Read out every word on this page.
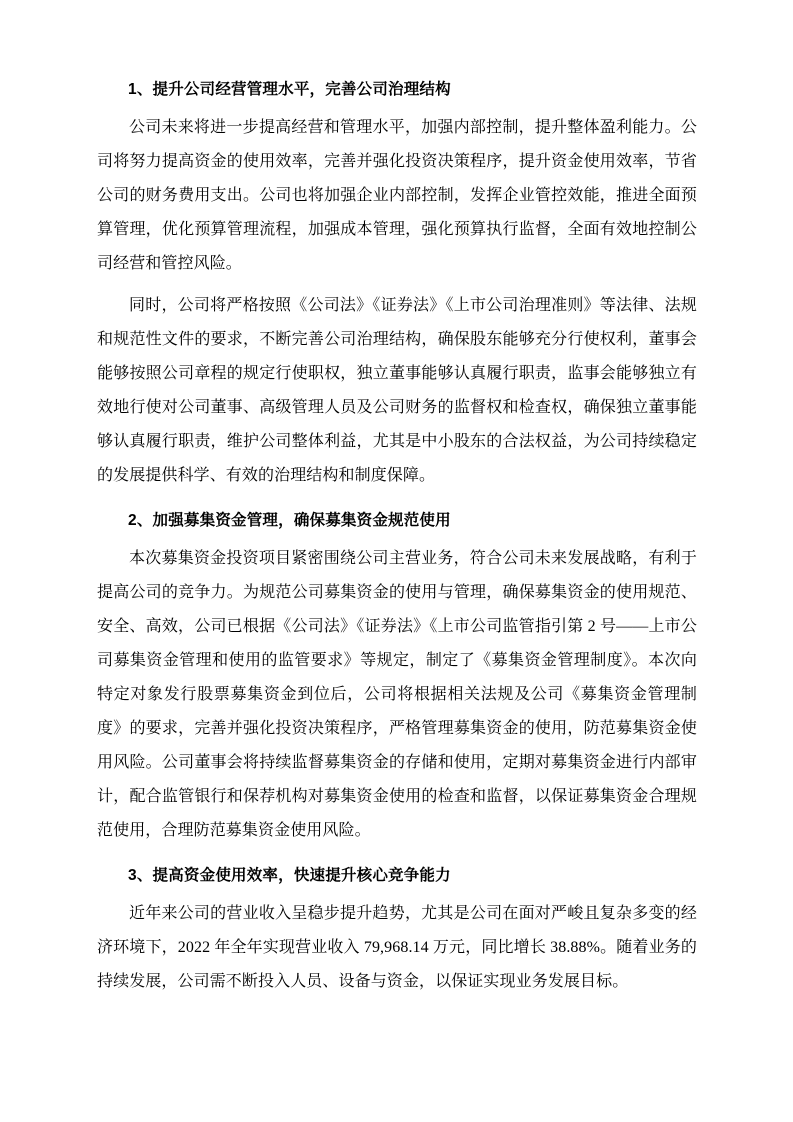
1、提升公司经营管理水平，完善公司治理结构

公司未来将进一步提高经营和管理水平，加强内部控制，提升整体盈利能力。公司将努力提高资金的使用效率，完善并强化投资决策程序，提升资金使用效率，节省公司的财务费用支出。公司也将加强企业内部控制，发挥企业管控效能，推进全面预算管理，优化预算管理流程，加强成本管理，强化预算执行监督，全面有效地控制公司经营和管控风险。

同时，公司将严格按照《公司法》《证券法》《上市公司治理准则》等法律、法规和规范性文件的要求，不断完善公司治理结构，确保股东能够充分行使权利，董事会能够按照公司章程的规定行使职权，独立董事能够认真履行职责，监事会能够独立有效地行使对公司董事、高级管理人员及公司财务的监督权和检查权，确保独立董事能够认真履行职责，维护公司整体利益，尤其是中小股东的合法权益，为公司持续稳定的发展提供科学、有效的治理结构和制度保障。

2、加强募集资金管理，确保募集资金规范使用

本次募集资金投资项目紧密围绕公司主营业务，符合公司未来发展战略，有利于提高公司的竞争力。为规范公司募集资金的使用与管理，确保募集资金的使用规范、安全、高效，公司已根据《公司法》《证券法》《上市公司监管指引第 2 号——上市公司募集资金管理和使用的监管要求》等规定，制定了《募集资金管理制度》。本次向特定对象发行股票募集资金到位后，公司将根据相关法规及公司《募集资金管理制度》的要求，完善并强化投资决策程序，严格管理募集资金的使用，防范募集资金使用风险。公司董事会将持续监督募集资金的存储和使用，定期对募集资金进行内部审计，配合监管银行和保荐机构对募集资金使用的检查和监督，以保证募集资金合理规范使用，合理防范募集资金使用风险。

3、提高资金使用效率，快速提升核心竞争能力

近年来公司的营业收入呈稳步提升趋势，尤其是公司在面对严峻且复杂多变的经济环境下，2022 年全年实现营业收入 79,968.14 万元，同比增长 38.88%。随着业务的持续发展，公司需不断投入人员、设备与资金，以保证实现业务发展目标。
